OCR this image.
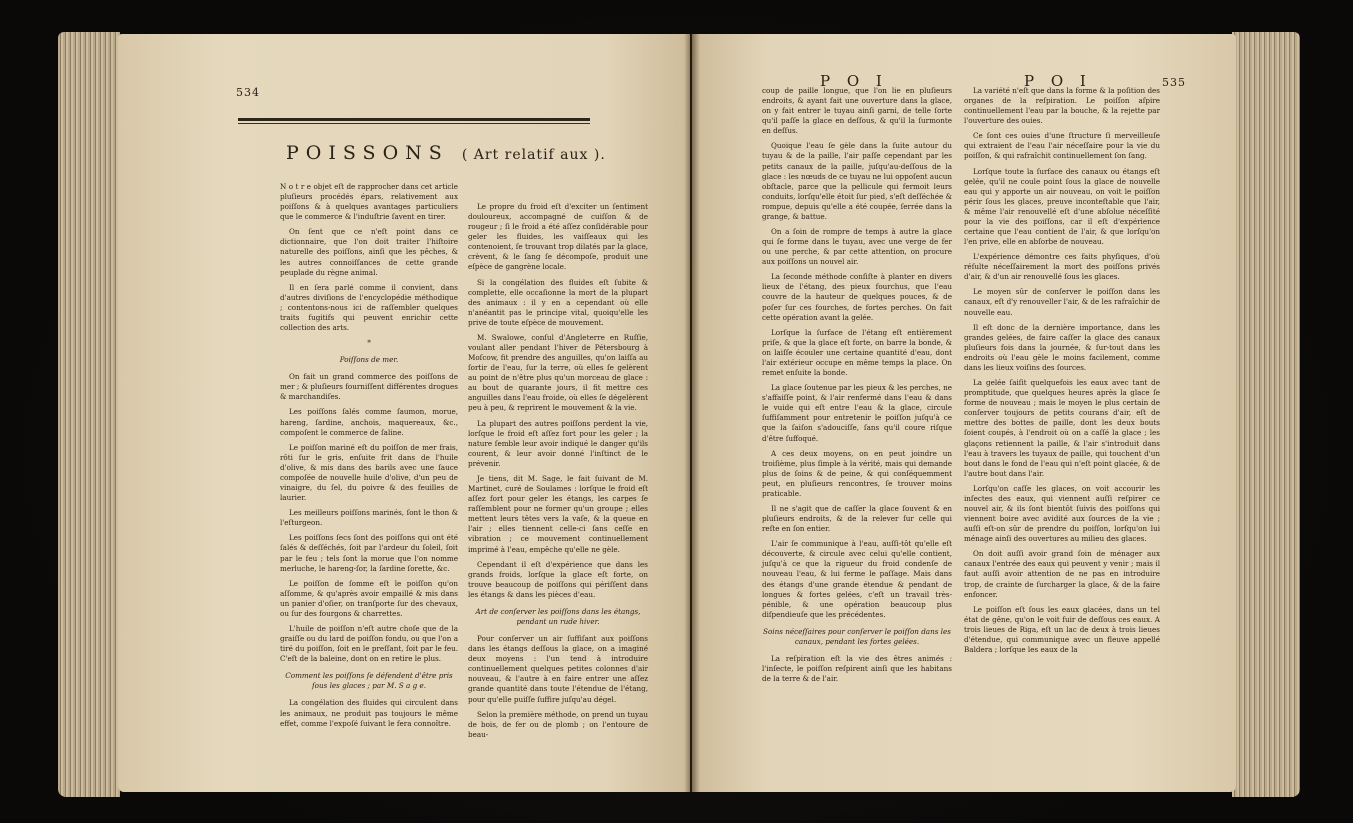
534
POISSONS ( Art relatif aux ).

N o t r e objet eſt de rapprocher dans cet article pluſieurs procédés épars, relativement aux poiſſons & à quelques avantages particuliers que le commerce & l'induſtrie ſavent en tirer.

On ſent que ce n'eſt point dans ce dictionnaire, que l'on doit traiter l'hiſtoire naturelle des poiſſons, ainſi que les pêches, & les autres connoiſſances de cette grande peuplade du règne animal.

Il en ſera parlé comme il convient, dans d'autres diviſions de l'encyclopédie méthodique ; contentons-nous ici de raſſembler quelques traits fugitifs qui peuvent enrichir cette collection des arts.

*

Poiſſons de mer.

On fait un grand commerce des poiſſons de mer ; & pluſieurs fourniſſent différentes drogues & marchandiſes.

Les poiſſons ſalés comme ſaumon, morue, hareng, ſardine, anchois, maquereaux, &c., compoſent le commerce de ſaline.

Le poiſſon mariné eſt du poiſſon de mer frais, rôti ſur le gris, enſuite frit dans de l'huile d'olive, & mis dans des barils avec une ſauce compoſée de nouvelle huile d'olive, d'un peu de vinaigre, du ſel, du poivre & des feuilles de laurier.

Les meilleurs poiſſons marinés, ſont le thon & l'eſturgeon.

Les poiſſons ſecs ſont des poiſſons qui ont été ſalés & deſſéchés, ſoit par l'ardeur du ſoleil, ſoit par le feu ; tels ſont la morue que l'on nomme merluche, le hareng-ſor, la ſardine ſorette, &c.

Le poiſſon de ſomme eſt le poiſſon qu'on aſſomme, & qu'après avoir empaillé & mis dans un panier d'oſier, on tranſporte ſur des chevaux, ou ſur des fourgons & charrettes.

L'huile de poiſſon n'eſt autre choſe que de la graiſſe ou du lard de poiſſon fondu, ou que l'on a tiré du poiſſon, ſoit en le preſſant, ſoit par le feu. C'eſt de la baleine, dont on en retire le plus.

Comment les poiſſons ſe défendent d'être pris ſous les glaces ; par M. S a g e.

La congélation des fluides qui circulent dans les animaux, ne produit pas toujours le même effet, comme l'expoſé ſuivant le fera connoître.

Le propre du froid eſt d'exciter un ſentiment douloureux, accompagné de cuiſſon & de rougeur ; ſi le froid a été aſſez conſidérable pour geler les fluides, les vaiſſeaux qui les contenoient, ſe trouvant trop dilatés par la glace, crèvent, & le ſang ſe décompoſe, produit une eſpèce de gangrène locale.

Si la congélation des fluides eſt ſubite & complette, elle occaſionne la mort de la plupart des animaux : il y en a cependant où elle n'anéantit pas le principe vital, quoiqu'elle les prive de toute eſpèce de mouvement.

M. Swalowe, conſul d'Angleterre en Ruſſie, voulant aller pendant l'hiver de Pétersbourg à Moſcow, fit prendre des anguilles, qu'on laiſſa au ſortir de l'eau, ſur la terre, où elles ſe gelèrent au point de n'être plus qu'un morceau de glace : au bout de quarante jours, il fit mettre ces anguilles dans l'eau froide, où elles ſe dégelèrent peu à peu, & reprirent le mouvement & la vie.

La plupart des autres poiſſons perdent la vie, lorſque le froid eſt aſſez fort pour les geler ; la nature ſemble leur avoir indiqué le danger qu'ils courent, & leur avoir donné l'inſtinct de le prévenir.

Je tiens, dit M. Sage, le fait ſuivant de M. Martinet, curé de Soulames : lorſque le froid eſt aſſez fort pour geler les étangs, les carpes ſe raſſemblent pour ne former qu'un groupe ; elles mettent leurs têtes vers la vaſe, & la queue en l'air ; elles tiennent celle-ci ſans ceſſe en vibration ; ce mouvement continuellement imprimé à l'eau, empêche qu'elle ne gèle.

Cependant il eſt d'expérience que dans les grands froids, lorſque la glace eſt forte, on trouve beaucoup de poiſſons qui périſſent dans les étangs & dans les pièces d'eau.

Art de conſerver les poiſſons dans les étangs, pendant un rude hiver.

Pour conſerver un air ſuffiſant aux poiſſons dans les étangs deſſous la glace, on a imaginé deux moyens : l'un tend à introduire continuellement quelques petites colonnes d'air nouveau, & l'autre à en faire entrer une aſſez grande quantité dans toute l'étendue de l'étang, pour qu'elle puiſſe ſuffire juſqu'au dégel.

Selon la première méthode, on prend un tuyau de bois, de fer ou de plomb ; on l'entoure de beau-

P O I	P O I	535

coup de paille longue, que l'on lie en pluſieurs endroits, & ayant fait une ouverture dans la glace, on y fait entrer le tuyau ainſi garni, de telle ſorte qu'il paſſe la glace en deſſous, & qu'il la ſurmonte en deſſus.

Quoique l'eau ſe gèle dans la ſuite autour du tuyau & de la paille, l'air paſſe cependant par les petits canaux de la paille, juſqu'au-deſſous de la glace : les nœuds de ce tuyau ne lui oppoſent aucun obſtacle, parce que la pellicule qui fermoit leurs conduits, lorſqu'elle étoit ſur pied, s'eſt deſſéchée & rompue, depuis qu'elle a été coupée, ſerrée dans la grange, & battue.

On a ſoin de rompre de temps à autre la glace qui ſe forme dans le tuyau, avec une verge de fer ou une perche, & par cette attention, on procure aux poiſſons un nouvel air.

La ſeconde méthode conſiſte à planter en divers lieux de l'étang, des pieux fourchus, que l'eau couvre de la hauteur de quelques pouces, & de poſer ſur ces fourches, de fortes perches. On fait cette opération avant la gelée.

Lorſque la ſurface de l'étang eſt entièrement priſe, & que la glace eſt forte, on barre la bonde, & on laiſſe écouler une certaine quantité d'eau, dont l'air extérieur occupe en même temps la place. On remet enſuite la bonde.

La glace ſoutenue par les pieux & les perches, ne s'affaiſſe point, & l'air renfermé dans l'eau & dans le vuide qui eſt entre l'eau & la glace, circule ſuffiſamment pour entretenir le poiſſon juſqu'à ce que la ſaiſon s'adouciſſe, ſans qu'il coure riſque d'être ſuffoqué.

A ces deux moyens, on en peut joindre un troiſième, plus ſimple à la vérité, mais qui demande plus de ſoins & de peine, & qui conſéquemment peut, en pluſieurs rencontres, ſe trouver moins praticable.

Il ne s'agit que de caſſer la glace ſouvent & en pluſieurs endroits, & de la relever ſur celle qui reſte en ſon entier.

L'air ſe communique à l'eau, auſſi-tôt qu'elle eſt découverte, & circule avec celui qu'elle contient, juſqu'à ce que la rigueur du froid condenſe de nouveau l'eau, & lui ferme le paſſage. Mais dans des étangs d'une grande étendue & pendant de longues & fortes gelées, c'eſt un travail très-pénible, & une opération beaucoup plus diſpendieuſe que les précédentes.

Soins néceſſaires pour conſerver le poiſſon dans les canaux, pendant les fortes gelées.

La reſpiration eſt la vie des êtres animés : l'inſecte, le poiſſon reſpirent ainſi que les habitans de la terre & de l'air.

La variété n'eſt que dans la forme & la poſition des organes de la reſpiration. Le poiſſon aſpire continuellement l'eau par la bouche, & la rejette par l'ouverture des ouies.

Ce ſont ces ouies d'une ſtructure ſi merveilleuſe qui extraient de l'eau l'air néceſſaire pour la vie du poiſſon, & qui rafraîchit continuellement ſon ſang.

Lorſque toute la ſurface des canaux ou étangs eſt gelée, qu'il ne coule point ſous la glace de nouvelle eau qui y apporte un air nouveau, on voit le poiſſon périr ſous les glaces, preuve inconteſtable que l'air, & même l'air renouvellé eſt d'une abſolue néceſſité pour la vie des poiſſons, car il eſt d'expérience certaine que l'eau contient de l'air, & que lorſqu'on l'en prive, elle en abſorbe de nouveau.

L'expérience démontre ces faits phyſiques, d'où réſulte néceſſairement la mort des poiſſons privés d'air, & d'un air renouvellé ſous les glaces.

Le moyen sûr de conſerver le poiſſon dans les canaux, eſt d'y renouveller l'air, & de les rafraîchir de nouvelle eau.

Il eſt donc de la dernière importance, dans les grandes gelées, de faire caſſer la glace des canaux pluſieurs fois dans la journée, & ſur-tout dans les endroits où l'eau gèle le moins facilement, comme dans les lieux voiſins des ſources.

La gelée ſaiſit quelquefois les eaux avec tant de promptitude, que quelques heures après la glace ſe forme de nouveau ; mais le moyen le plus certain de conſerver toujours de petits courans d'air, eſt de mettre des bottes de paille, dont les deux bouts ſoient coupés, à l'endroit où on a caſſé la glace ; les glaçons retiennent la paille, & l'air s'introduit dans l'eau à travers les tuyaux de paille, qui touchent d'un bout dans le fond de l'eau qui n'eſt point glacée, & de l'autre bout dans l'air.

Lorſqu'on caſſe les glaces, on voit accourir les inſectes des eaux, qui viennent auſſi reſpirer ce nouvel air, & ils ſont bientôt ſuivis des poiſſons qui viennent boire avec avidité aux ſources de la vie ; auſſi eſt-on sûr de prendre du poiſſon, lorſqu'on lui ménage ainſi des ouvertures au milieu des glaces.

On doit auſſi avoir grand ſoin de ménager aux canaux l'entrée des eaux qui peuvent y venir ; mais il faut auſſi avoir attention de ne pas en introduire trop, de crainte de ſurcharger la glace, & de la faire enfoncer.

Le poiſſon eſt ſous les eaux glacées, dans un tel état de gêne, qu'on le voit fuir de deſſous ces eaux. A trois lieues de Riga, eſt un lac de deux à trois lieues d'étendue, qui communique avec un fleuve appellé Baldera ; lorſque les eaux de la
